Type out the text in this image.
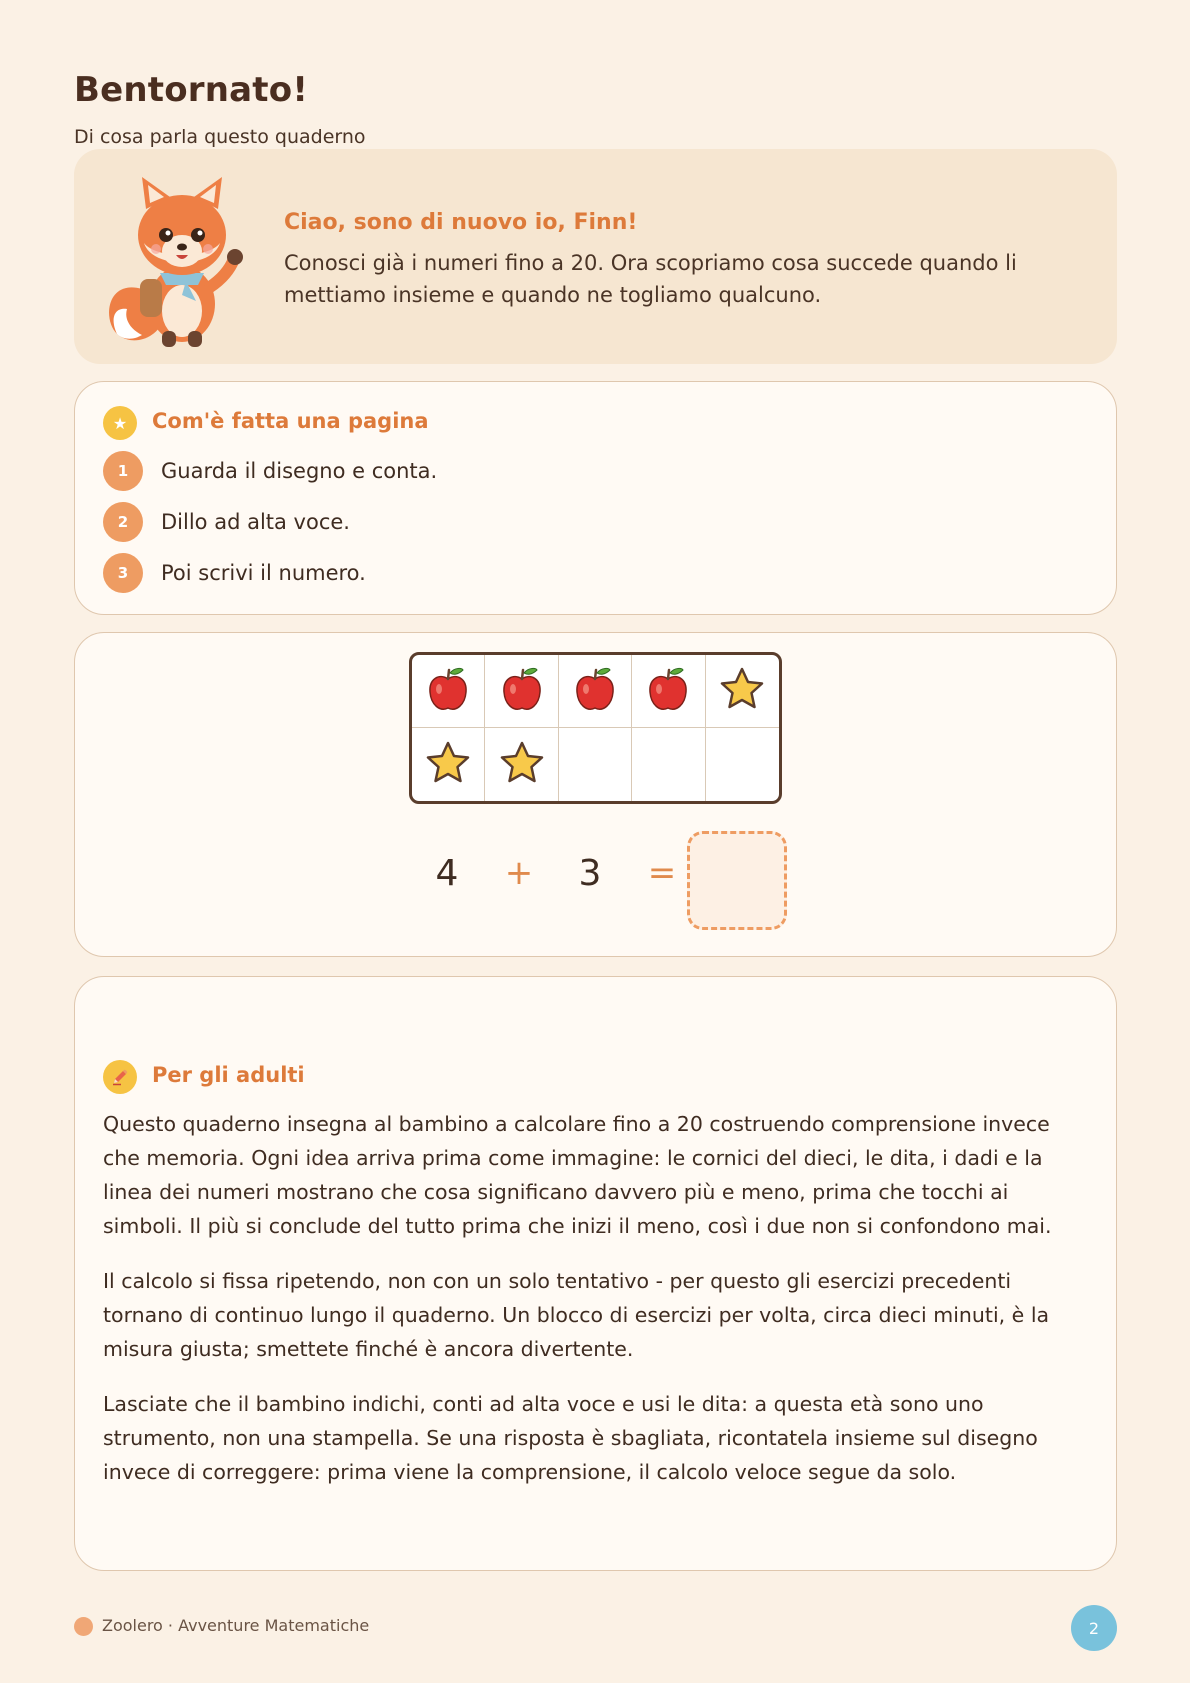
Bentornato!
Di cosa parla questo quaderno
Ciao, sono di nuovo io, Finn!
Conosci già i numeri fino a 20. Ora scopriamo cosa succede quando li mettiamo insieme e quando ne togliamo qualcuno.
★	Com'è fatta una pagina
1	Guarda il disegno e conta.
2	Dillo ad alta voce.
3	Poi scrivi il numero.
4 + 3 =
Per gli adulti

Questo quaderno insegna al bambino a calcolare fino a 20 costruendo comprensione invece che memoria. Ogni idea arriva prima come immagine: le cornici del dieci, le dita, i dadi e la linea dei numeri mostrano che cosa significano davvero più e meno, prima che tocchi ai simboli. Il più si conclude del tutto prima che inizi il meno, così i due non si confondono mai.

Il calcolo si fissa ripetendo, non con un solo tentativo - per questo gli esercizi precedenti tornano di continuo lungo il quaderno. Un blocco di esercizi per volta, circa dieci minuti, è la misura giusta; smettete finché è ancora divertente.

Lasciate che il bambino indichi, conti ad alta voce e usi le dita: a questa età sono uno strumento, non una stampella. Se una risposta è sbagliata, ricontatela insieme sul disegno invece di correggere: prima viene la comprensione, il calcolo veloce segue da solo.

Zoolero · Avventure Matematiche	2
